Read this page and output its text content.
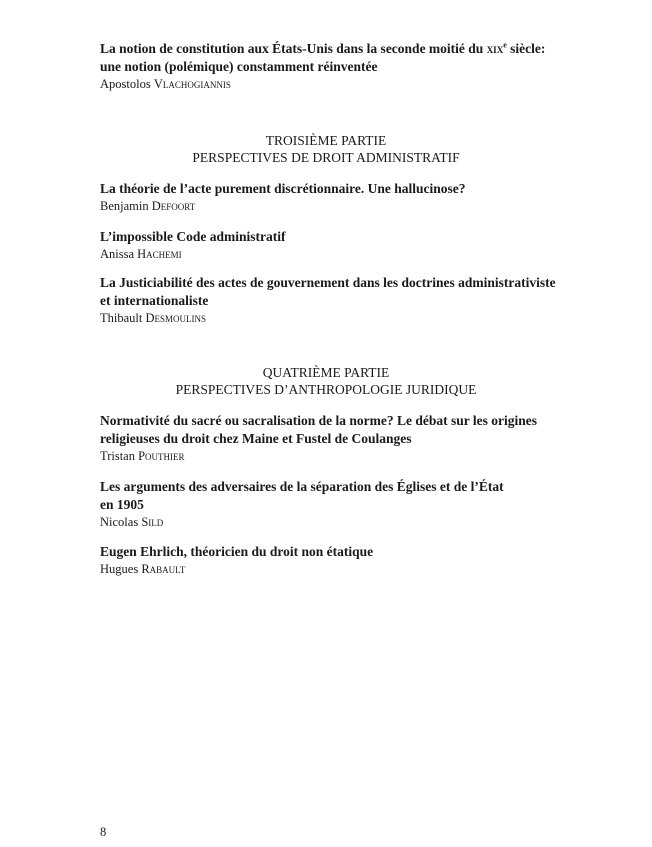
La notion de constitution aux États-Unis dans la seconde moitié du xix$^e$ siècle:
une notion (polémique) constamment réinventée
Apostolos Vlachogiannis
TROISIÈME PARTIE
PERSPECTIVES DE DROIT ADMINISTRATIF
La théorie de l’acte purement discrétionnaire. Une hallucinose?
Benjamin Defoort
L’impossible Code administratif
Anissa Hachemi
La Justiciabilité des actes de gouvernement dans les doctrines administrativiste
et internationaliste
Thibault Desmoulins
QUATRIÈME PARTIE
PERSPECTIVES D’ANTHROPOLOGIE JURIDIQUE
Normativité du sacré ou sacralisation de la norme? Le débat sur les origines
religieuses du droit chez Maine et Fustel de Coulanges
Tristan Pouthier
Les arguments des adversaires de la séparation des Églises et de l’État
en 1905
Nicolas Sild
Eugen Ehrlich, théoricien du droit non étatique
Hugues Rabault
8
